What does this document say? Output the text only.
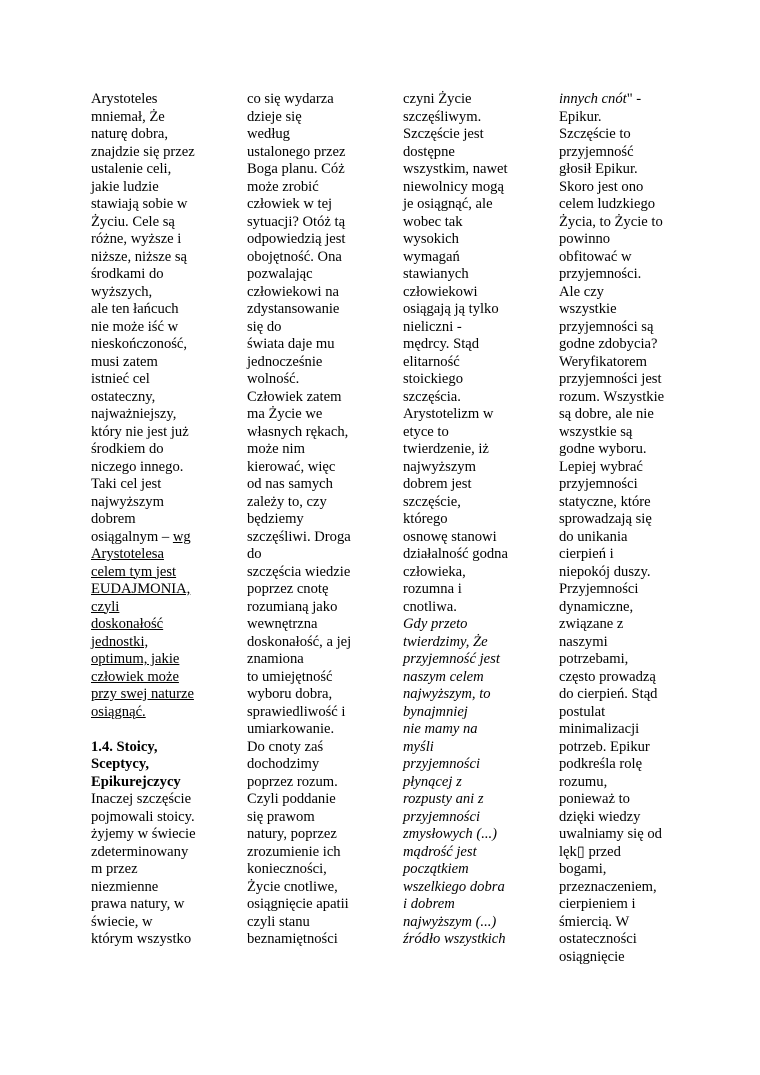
Arystoteles
mniemał, Że
naturę dobra,
znajdzie się przez
ustalenie celi,
jakie ludzie
stawiają sobie w
Życiu. Cele są
różne, wyższe i
niższe, niższe są
środkami do
wyższych,
ale ten łańcuch
nie może iść w
nieskończoność,
musi zatem
istnieć cel
ostateczny,
najważniejszy,
który nie jest już
środkiem do
niczego innego.
Taki cel jest
najwyższym
dobrem
osiągalnym – wg
Arystotelesa
celem tym jest
EUDAJMONIA,
czyli
doskonałość
jednostki,
optimum, jakie
człowiek może
przy swej naturze
osiągnąć.
1.4. Stoicy,
Sceptycy,
Epikurejczycy
Inaczej szczęście
pojmowali stoicy.
żyjemy w świecie
zdeterminowany
m przez
niezmienne
prawa natury, w
świecie, w
którym wszystko
co się wydarza
dzieje się
według
ustalonego przez
Boga planu. Cóż
może zrobić
człowiek w tej
sytuacji? Otóż tą
odpowiedzią jest
obojętność. Ona
pozwalając
człowiekowi na
zdystansowanie
się do
świata daje mu
jednocześnie
wolność.
Człowiek zatem
ma Życie we
własnych rękach,
może nim
kierować, więc
od nas samych
zależy to, czy
będziemy
szczęśliwi. Droga
do
szczęścia wiedzie
poprzez cnotę
rozumianą jako
wewnętrzna
doskonałość, a jej
znamiona
to umiejętność
wyboru dobra,
sprawiedliwość i
umiarkowanie.
Do cnoty zaś
dochodzimy
poprzez rozum.
Czyli poddanie
się prawom
natury, poprzez
zrozumienie ich
konieczności,
Życie cnotliwe,
osiągnięcie apatii
czyli stanu
beznamiętności
czyni Życie
szczęśliwym.
Szczęście jest
dostępne
wszystkim, nawet
niewolnicy mogą
je osiągnąć, ale
wobec tak
wysokich
wymagań
stawianych
człowiekowi
osiągają ją tylko
nieliczni -
mędrcy. Stąd
elitarność
stoickiego
szczęścia.
Arystotelizm w
etyce to
twierdzenie, iż
najwyższym
dobrem jest
szczęście,
którego
osnowę stanowi
działalność godna
człowieka,
rozumna i
cnotliwa.
Gdy przeto
twierdzimy, Że
przyjemność jest
naszym celem
najwyższym, to
bynajmniej
nie mamy na
myśli
przyjemności
płynącej z
rozpusty ani z
przyjemności
zmysłowych (...)
mądrość jest
początkiem
wszelkiego dobra
i dobrem
najwyższym (...)
źródło wszystkich
innych cnót" -
Epikur.
Szczęście to
przyjemność
głosił Epikur.
Skoro jest ono
celem ludzkiego
Życia, to Życie to
powinno
obfitować w
przyjemności.
Ale czy
wszystkie
przyjemności są
godne zdobycia?
Weryfikatorem
przyjemności jest
rozum. Wszystkie
są dobre, ale nie
wszystkie są
godne wyboru.
Lepiej wybrać
przyjemności
statyczne, które
sprowadzają się
do unikania
cierpień i
niepokój duszy.
Przyjemności
dynamiczne,
związane z
naszymi
potrzebami,
często prowadzą
do cierpień. Stąd
postulat
minimalizacji
potrzeb. Epikur
podkreśla rolę
rozumu,
ponieważ to
dzięki wiedzy
uwalniamy się od
lęk▯ przed
bogami,
przeznaczeniem,
cierpieniem i
śmiercią. W
ostateczności
osiągnięcie
